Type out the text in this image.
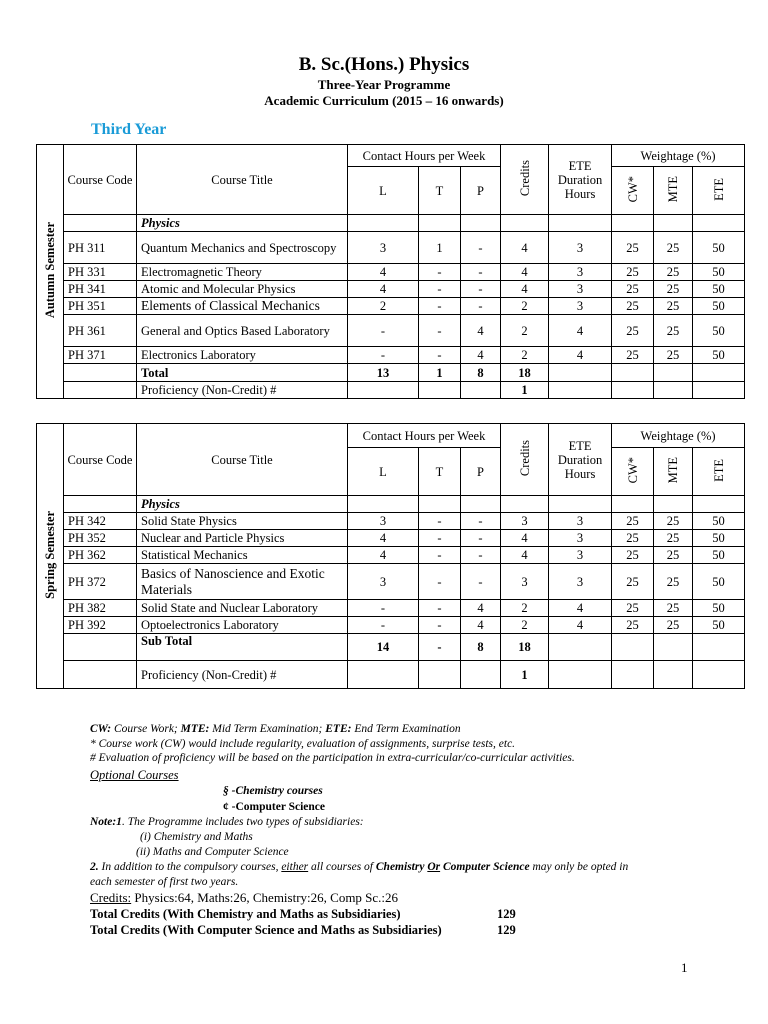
B. Sc.(Hons.) Physics
Three-Year Programme
Academic Curriculum (2015 – 16 onwards)
Third Year
Autumn Semester	Course Code	Course Title	Contact Hours per Week			Credits	ETE Duration Hours	Weightage (%)		
			L	T	P			CW*	MTE	ETE
		Physics								
	PH 311	Quantum Mechanics and Spectroscopy	3	1	-	4	3	25	25	50
	PH 331	Electromagnetic Theory	4	-	-	4	3	25	25	50
	PH 341	Atomic and Molecular Physics	4	-	-	4	3	25	25	50
	PH 351	Elements of Classical Mechanics	2	-	-	2	3	25	25	50
	PH 361	General and Optics Based Laboratory	-	-	4	2	4	25	25	50
	PH 371	Electronics Laboratory	-	-	4	2	4	25	25	50
		Total	13	1	8	18				
		Proficiency (Non-Credit) #				1				
Spring Semester	Course Code	Course Title	Contact Hours per Week			Credits	ETE Duration Hours	Weightage (%)		
			L	T	P			CW*	MTE	ETE
		Physics								
	PH 342	Solid State Physics	3	-	-	3	3	25	25	50
	PH 352	Nuclear and Particle Physics	4	-	-	4	3	25	25	50
	PH 362	Statistical Mechanics	4	-	-	4	3	25	25	50
	PH 372	Basics of Nanoscience and Exotic Materials	3	-	-	3	3	25	25	50
	PH 382	Solid State and Nuclear Laboratory	-	-	4	2	4	25	25	50
	PH 392	Optoelectronics Laboratory	-	-	4	2	4	25	25	50
		Sub Total	14	-	8	18				
		Proficiency (Non-Credit) #				1				
CW: Course Work; MTE: Mid Term Examination; ETE: End Term Examination
* Course work (CW) would include regularity, evaluation of assignments, surprise tests, etc.
# Evaluation of proficiency will be based on the participation in extra-curricular/co-curricular activities.
Optional Courses
§ -Chemistry courses
¢ -Computer Science
Note:1. The Programme includes two types of subsidiaries:
(i) Chemistry and Maths
(ii) Maths and Computer Science
2. In addition to the compulsory courses, either all courses of Chemistry Or Computer Science may only be opted in
each semester of first two years.
Credits: Physics:64, Maths:26, Chemistry:26, Comp Sc.:26
Total Credits (With Chemistry and Maths as Subsidiaries)	129
Total Credits (With Computer Science and Maths as Subsidiaries)	129
1
